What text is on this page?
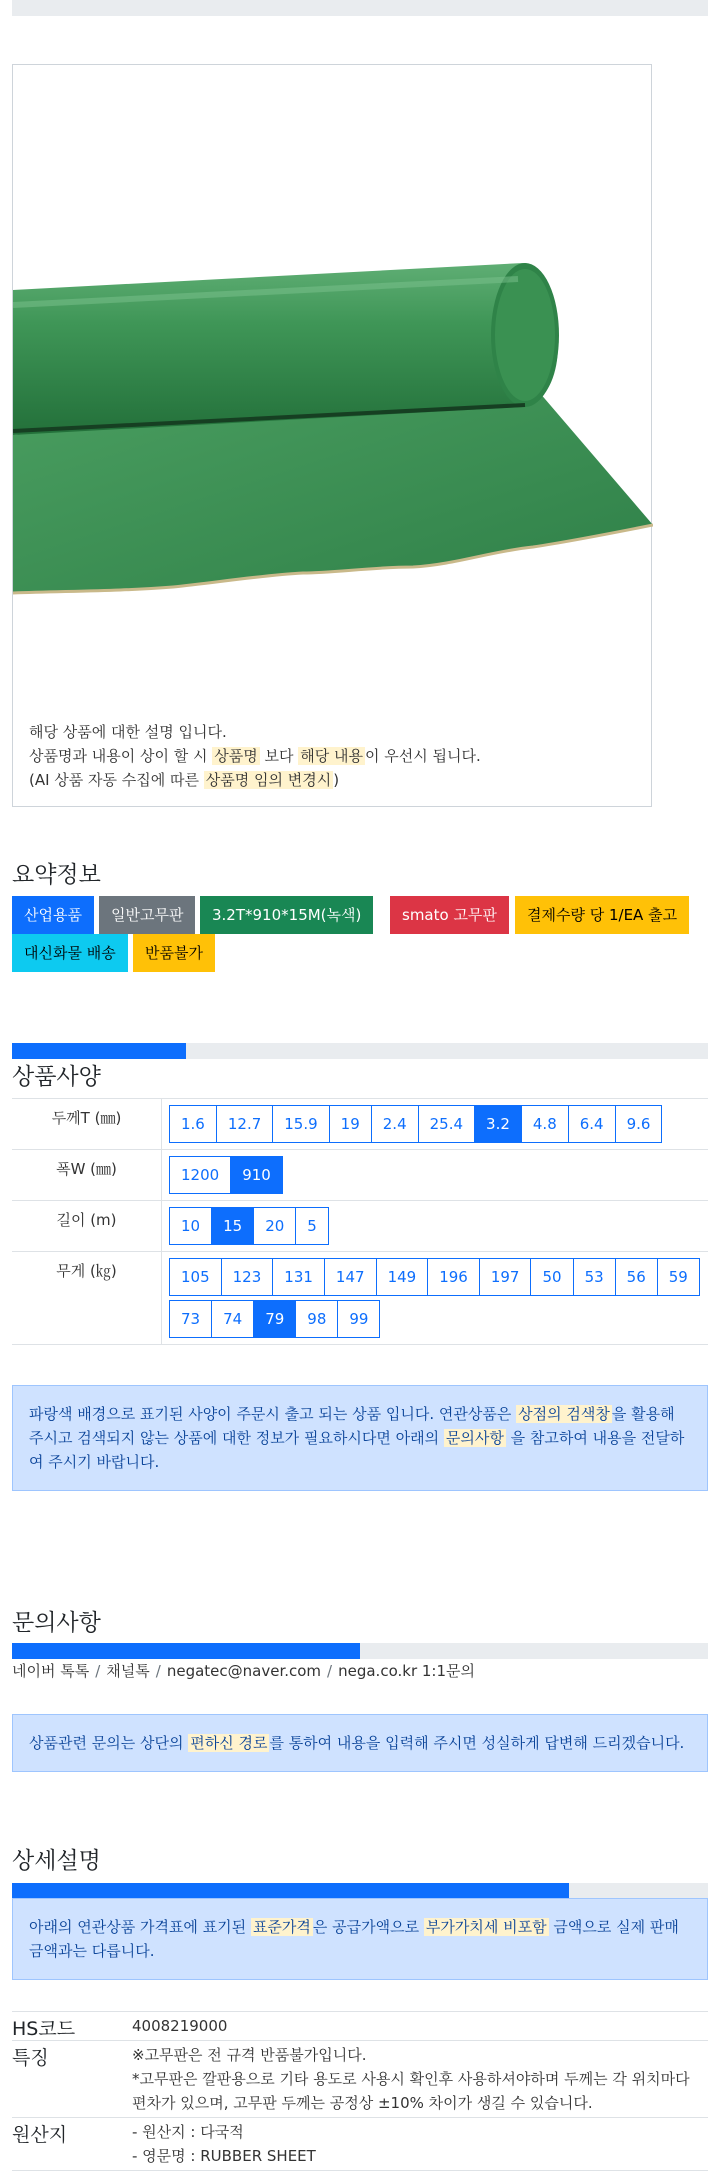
해당 상품에 대한 설명 입니다.
상품명과 내용이 상이 할 시 상품명 보다 해당 내용 이 우선시 됩니다.
(AI 상품 자동 수집에 따른 상품명 임의 변경시 )
요약정보
산업용품	일반고무판	3.2T*910*15M(녹색)	smato 고무판	결제수량 당 1/EA 출고
대신화물 배송	반품불가
상품사양
두께T (㎜)	1.6	12.7	15.9	19	2.4	25.4	3.2	4.8	6.4	9.6
폭W (㎜)	1200	910
길이 (m)	10	15	20	5
무게 (㎏)	105	123	131	147	149	196	197	50	53	56	59
73	74	79	98	99
파랑색 배경으로 표기된 사양이 주문시 출고 되는 상품 입니다. 연관상품은 상점의 검색창 을 활용해 주시고 검색되지 않는 상품에 대한 정보가 필요하시다면 아래의 문의사항 을 참고하여 내용을 전달하여 주시기 바랍니다.
문의사항
네이버 톡톡 / 채널톡 / negatec@naver.com / nega.co.kr 1:1문의
상품관련 문의는 상단의 편하신 경로 를 통하여 내용을 입력해 주시면 성실하게 답변해 드리겠습니다.
상세설명
아래의 연관상품 가격표에 표기된 표준가격 은 공급가액으로 부가가치세 비포함 금액으로 실제 판매금액과는 다릅니다.
HS코드	4008219000
특징	※고무판은 전 규격 반품불가입니다.
*고무판은 깔판용으로 기타 용도로 사용시 확인후 사용하셔야하며 두께는 각 위치마다 편차가 있으며, 고무판 두께는 공정상 ±10% 차이가 생길 수 있습니다.
원산지	- 원산지 : 다국적
- 영문명 : RUBBER SHEET
